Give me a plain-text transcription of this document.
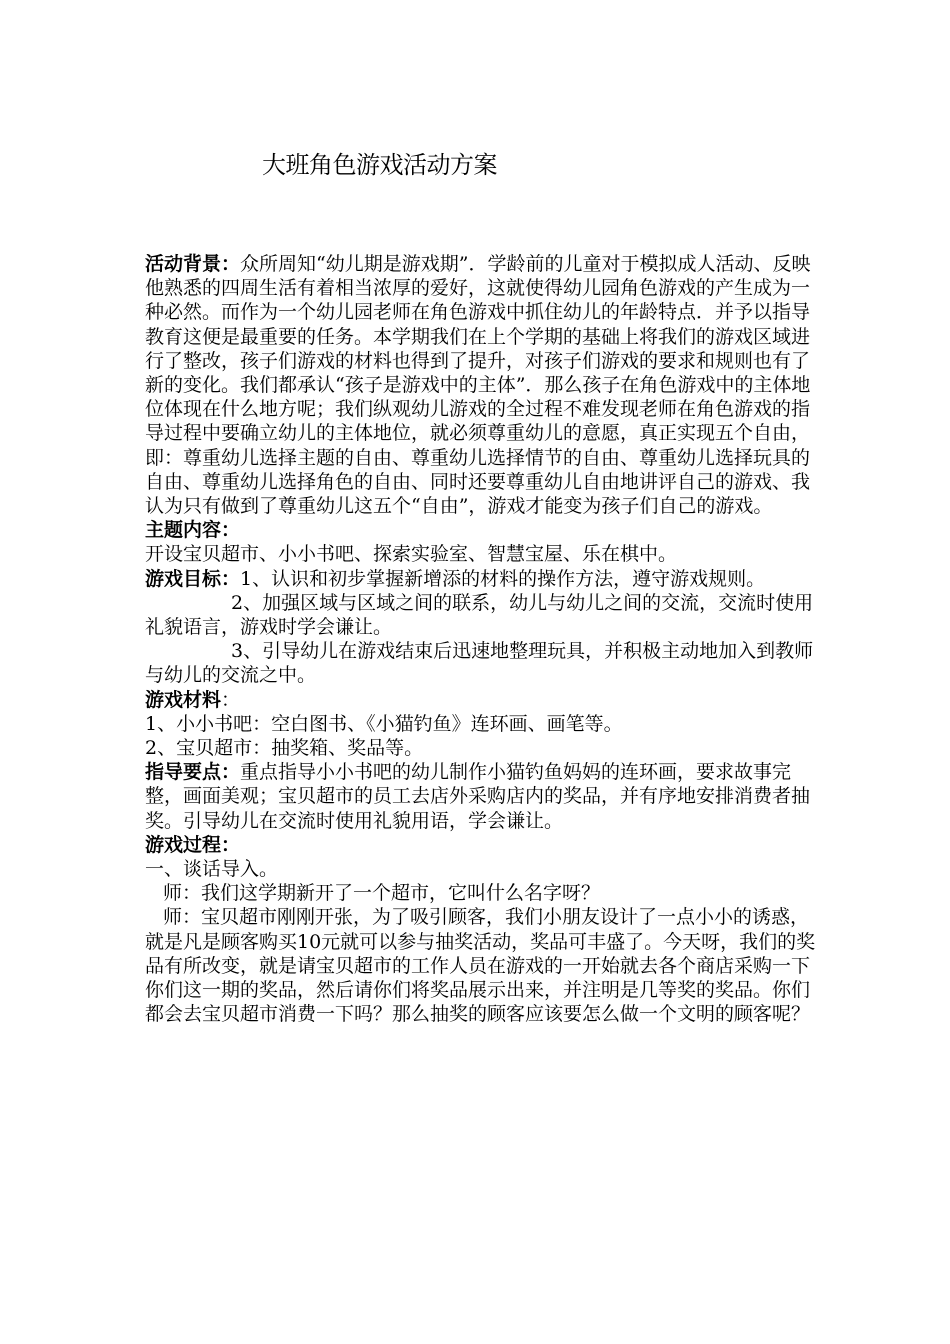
大班角色游戏活动方案

活动背景：众所周知“幼儿期是游戏期”．学龄前的儿童对于模拟成人活动、反映他熟悉的四周生活有着相当浓厚的爱好，这就使得幼儿园角色游戏的产生成为一种必然。而作为一个幼儿园老师在角色游戏中抓住幼儿的年龄特点．并予以指导教育这便是最重要的任务。本学期我们在上个学期的基础上将我们的游戏区域进行了整改，孩子们游戏的材料也得到了提升，对孩子们游戏的要求和规则也有了新的变化。我们都承认“孩子是游戏中的主体”．那么孩子在角色游戏中的主体地位体现在什么地方呢；我们纵观幼儿游戏的全过程不难发现老师在角色游戏的指导过程中要确立幼儿的主体地位，就必须尊重幼儿的意愿，真正实现五个自由，即：尊重幼儿选择主题的自由、尊重幼儿选择情节的自由、尊重幼儿选择玩具的自由、尊重幼儿选择角色的自由、同时还要尊重幼儿自由地讲评自己的游戏、我认为只有做到了尊重幼儿这五个“自由”，游戏才能变为孩子们自己的游戏。

主题内容：

开设宝贝超市、小小书吧、探索实验室、智慧宝屋、乐在棋中。

游戏目标：1、认识和初步掌握新增添的材料的操作方法，遵守游戏规则。

2、加强区域与区域之间的联系，幼儿与幼儿之间的交流，交流时使用礼貌语言，游戏时学会谦让。

3、引导幼儿在游戏结束后迅速地整理玩具，并积极主动地加入到教师与幼儿的交流之中。

游戏材料：

1、小小书吧：空白图书、《小猫钓鱼》连环画、画笔等。

2、宝贝超市：抽奖箱、奖品等。

指导要点：重点指导小小书吧的幼儿制作小猫钓鱼妈妈的连环画，要求故事完整，画面美观；宝贝超市的员工去店外采购店内的奖品，并有序地安排消费者抽奖。引导幼儿在交流时使用礼貌用语，学会谦让。

游戏过程：

一、谈话导入。

师：我们这学期新开了一个超市，它叫什么名字呀？

师：宝贝超市刚刚开张，为了吸引顾客，我们小朋友设计了一点小小的诱惑，就是凡是顾客购买10元就可以参与抽奖活动，奖品可丰盛了。今天呀，我们的奖品有所改变，就是请宝贝超市的工作人员在游戏的一开始就去各个商店采购一下你们这一期的奖品，然后请你们将奖品展示出来，并注明是几等奖的奖品。你们都会去宝贝超市消费一下吗？那么抽奖的顾客应该要怎么做一个文明的顾客呢？
